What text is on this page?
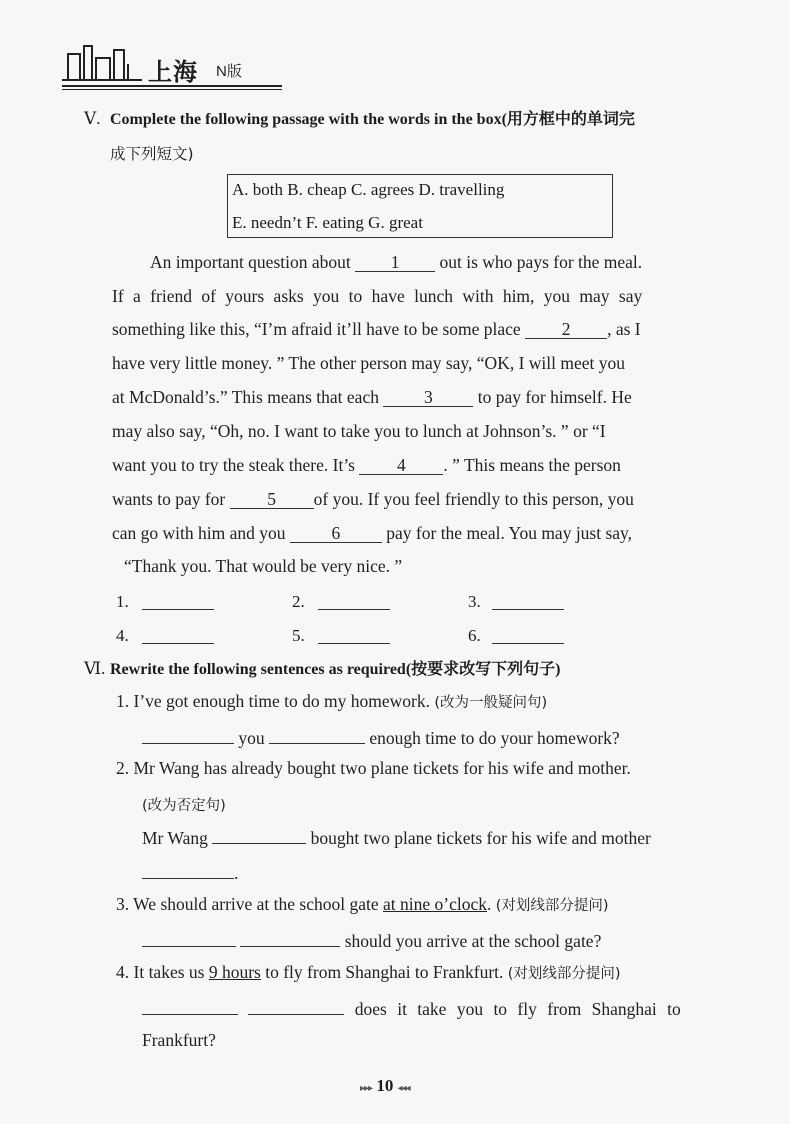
上海 N版
Ⅴ. Complete the following passage with the words in the box(用方框中的单词完
成下列短文)
A. both B. cheap C. agrees D. travelling
E. needn’t F. eating G. great
An important question about 1 out is who pays for the meal.
If a friend of yours asks you to have lunch with him, you may say
something like this, “I’m afraid it’ll have to be some place 2 , as I
have very little money. ” The other person may say, “OK, I will meet you
at McDonald’s.” This means that each	3	to pay for himself. He
may also say, “Oh, no. I want to take you to lunch at Johnson’s. ” or “I
want you to try the steak there. It’s 4 . ” This means the person
wants to pay for 5 of you. If you feel friendly to this person, you
can go with him and you	6	pay for the meal. You may just say,
“Thank you. That would be very nice. ”
1.	2.	3.
4.	5.	6.
Ⅵ. Rewrite the following sentences as required(按要求改写下列句子)
1. I’ve got enough time to do my homework. (改为一般疑问句)
you	enough time to do your homework?
2. Mr Wang has already bought two plane tickets for his wife and mother.
(改为否定句)
Mr Wang	bought two plane tickets for his wife and mother
.
3. We should arrive at the school gate at nine o’clock. (对划线部分提问)
should you arrive at the school gate?
4. It takes us 9 hours to fly from Shanghai to Frankfurt. (对划线部分提问)
does it take you to fly from Shanghai to
Frankfurt?
▸▸▸ 10 ◂◂◂
